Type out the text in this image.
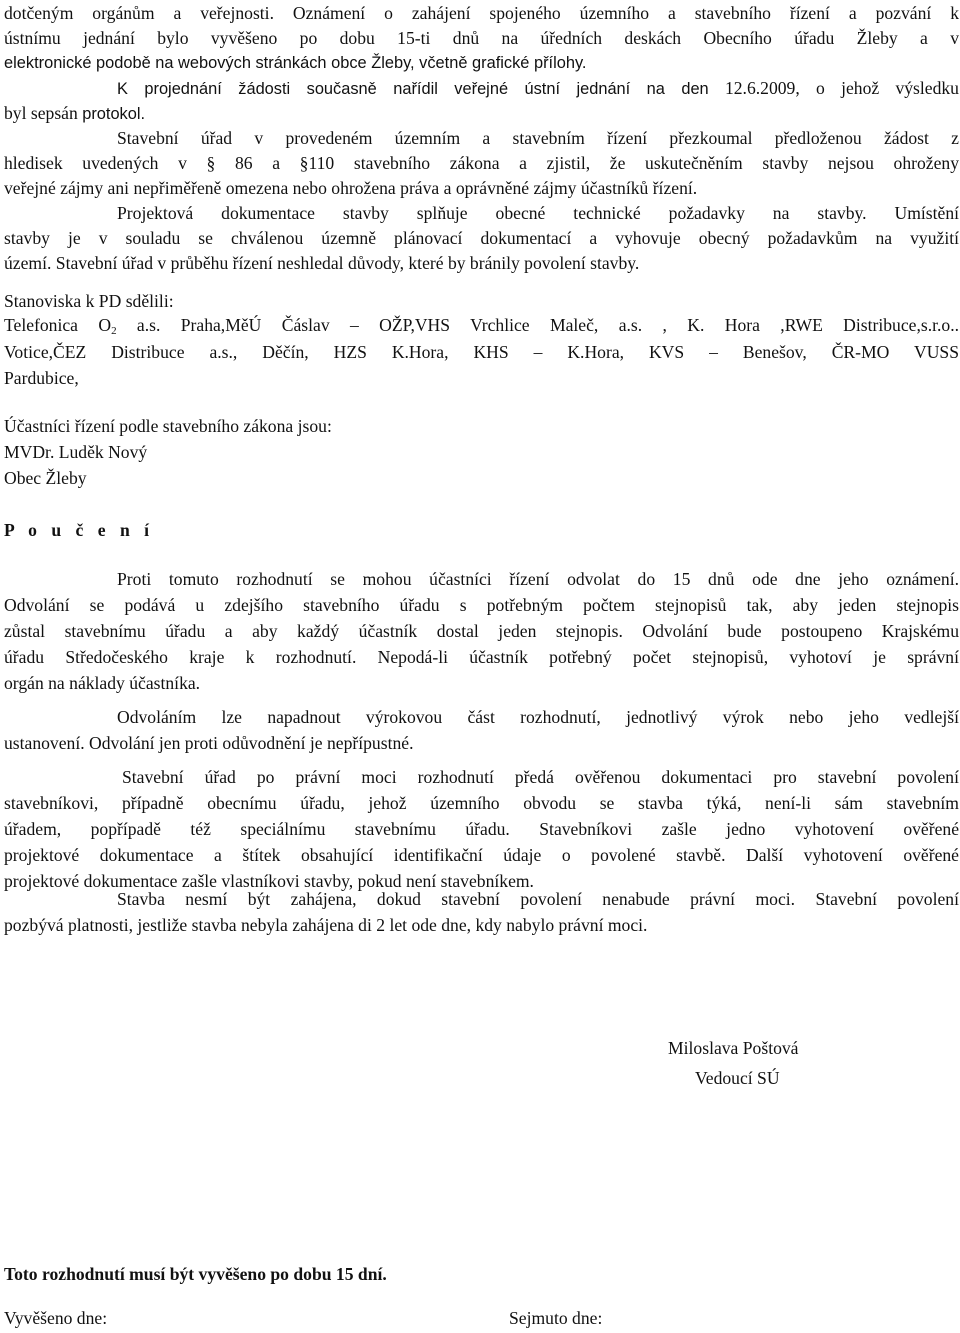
dotčeným orgánům a veřejnosti. Oznámení o zahájení spojeného územního a stavebního řízení a pozvání k
ústnímu jednání bylo vyvěšeno po dobu 15-ti dnů na úředních deskách Obecního úřadu Žleby a v
elektronické podobě na webových stránkách obce Žleby, včetně grafické přílohy.
K projednání žádosti současně nařídil veřejné ústní jednání na den 12.6.2009, o jehož výsledku
byl sepsán protokol.
Stavební úřad v provedeném územním a stavebním řízení přezkoumal předloženou žádost z
hledisek uvedených v § 86 a §110 stavebního zákona a zjistil, že uskutečněním stavby nejsou ohroženy
veřejné zájmy ani nepřiměřeně omezena nebo ohrožena práva a oprávněné zájmy účastníků řízení.
Projektová dokumentace stavby splňuje obecné technické požadavky na stavby. Umístění
stavby je v souladu se chválenou územně plánovací dokumentací a vyhovuje obecný požadavkům na využití
území. Stavební úřad v průběhu řízení neshledal důvody, které by bránily povolení stavby.
Stanoviska k PD sdělili:
Telefonica $O_2$ a.s. Praha,MěÚ Čáslav – OŽP,VHS Vrchlice Maleč, a.s. , K. Hora ,RWE Distribuce,s.r.o..
Votice,ČEZ Distribuce a.s., Děčín, HZS K.Hora, KHS – K.Hora, KVS – Benešov, ČR-MO VUSS
Pardubice,
Účastníci řízení podle stavebního zákona jsou:
MVDr. Luděk Nový
Obec Žleby
P o u č e n í
Proti tomuto rozhodnutí se mohou účastníci řízení odvolat do 15 dnů ode dne jeho oznámení.
Odvolání se podává u zdejšího stavebního úřadu s potřebným počtem stejnopisů tak, aby jeden stejnopis
zůstal stavebnímu úřadu a aby každý účastník dostal jeden stejnopis. Odvolání bude postoupeno Krajskému
úřadu Středočeského kraje k rozhodnutí. Nepodá-li účastník potřebný počet stejnopisů, vyhotoví je správní
orgán na náklady účastníka.
Odvoláním lze napadnout výrokovou část rozhodnutí, jednotlivý výrok nebo jeho vedlejší
ustanovení. Odvolání jen proti odůvodnění je nepřípustné.
Stavební úřad po právní moci rozhodnutí předá ověřenou dokumentaci pro stavební povolení
stavebníkovi, případně obecnímu úřadu, jehož územního obvodu se stavba týká, není-li sám stavebním
úřadem, popřípadě též speciálnímu stavebnímu úřadu. Stavebníkovi zašle jedno vyhotovení ověřené
projektové dokumentace a štítek obsahující identifikační údaje o povolené stavbě. Další vyhotovení ověřené
projektové dokumentace zašle vlastníkovi stavby, pokud není stavebníkem.
Stavba nesmí být zahájena, dokud stavební povolení nenabude právní moci. Stavební povolení
pozbývá platnosti, jestliže stavba nebyla zahájena di 2 let ode dne, kdy nabylo právní moci.
Miloslava Poštová
Vedoucí SÚ
Toto rozhodnutí musí být vyvěšeno po dobu 15 dní.
Vyvěšeno dne:	Sejmuto dne:
